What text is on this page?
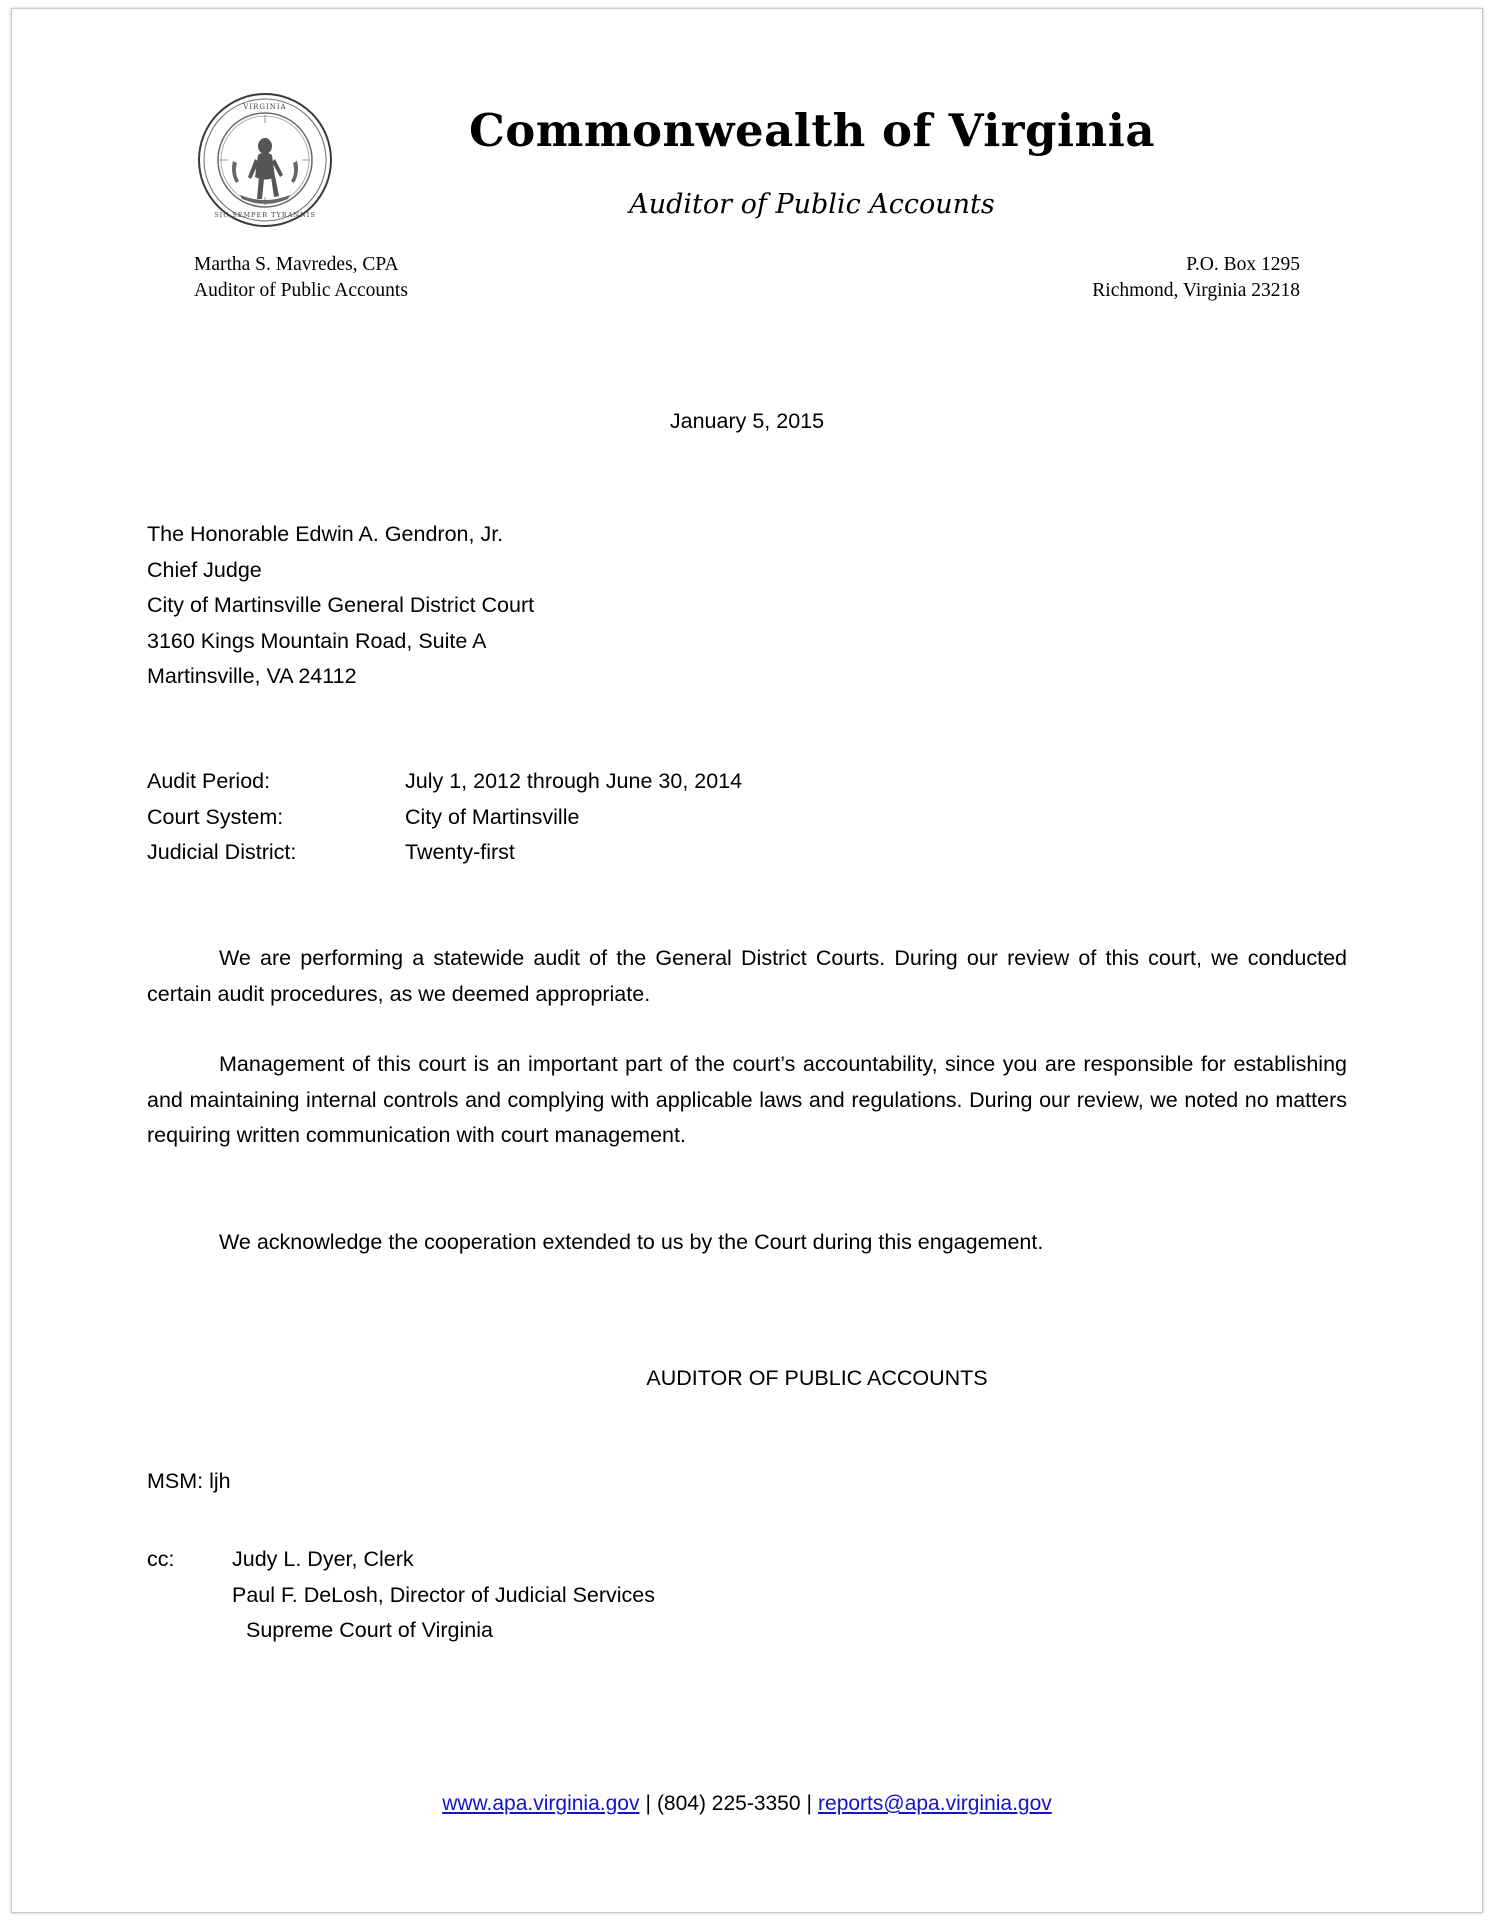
VIRGINIA
SIC SEMPER TYRANNIS
Commonwealth of Virginia
Auditor of Public Accounts
Martha S. Mavredes, CPA
Auditor of Public Accounts
P.O. Box 1295
Richmond, Virginia 23218
January 5, 2015
The Honorable Edwin A. Gendron, Jr.
Chief Judge
City of Martinsville General District Court
3160 Kings Mountain Road, Suite A
Martinsville, VA 24112
Audit Period:	July 1, 2012 through June 30, 2014
Court System:	City of Martinsville
Judicial District:	Twenty-first
We are performing a statewide audit of the General District Courts. During our review of this court, we conducted certain audit procedures, as we deemed appropriate.
Management of this court is an important part of the court’s accountability, since you are responsible for establishing and maintaining internal controls and complying with applicable laws and regulations. During our review, we noted no matters requiring written communication with court management.
We acknowledge the cooperation extended to us by the Court during this engagement.
AUDITOR OF PUBLIC ACCOUNTS
MSM: ljh
cc:	Judy L. Dyer, Clerk
Paul F. DeLosh, Director of Judicial Services
Supreme Court of Virginia
www.apa.virginia.gov | (804) 225-3350 | reports@apa.virginia.gov
